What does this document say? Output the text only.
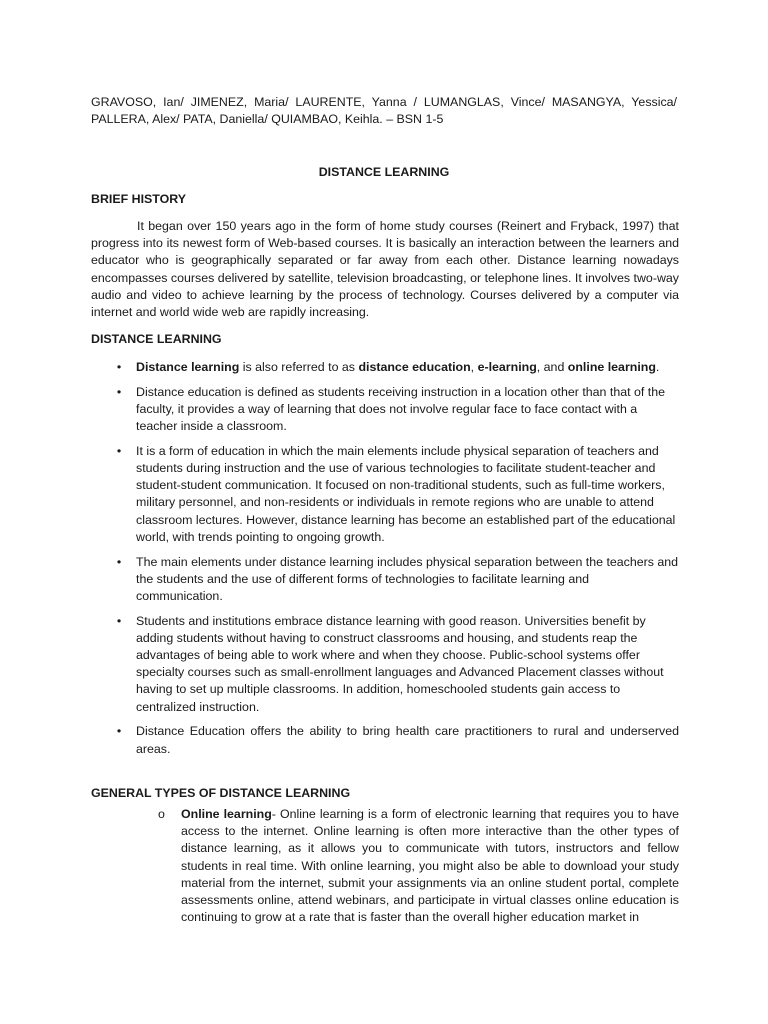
GRAVOSO, Ian/ JIMENEZ, Maria/ LAURENTE, Yanna / LUMANGLAS, Vince/ MASANGYA, Yessica/ PALLERA, Alex/ PATA, Daniella/ QUIAMBAO, Keihla. – BSN 1-5
DISTANCE LEARNING
BRIEF HISTORY

It began over 150 years ago in the form of home study courses (Reinert and Fryback, 1997) that progress into its newest form of Web-based courses. It is basically an interaction between the learners and educator who is geographically separated or far away from each other. Distance learning nowadays encompasses courses delivered by satellite, television broadcasting, or telephone lines. It involves two-way audio and video to achieve learning by the process of technology. Courses delivered by a computer via internet and world wide web are rapidly increasing.

DISTANCE LEARNING
• Distance learning is also referred to as distance education, e-learning, and online learning.
• Distance education is defined as students receiving instruction in a location other than that of the faculty, it provides a way of learning that does not involve regular face to face contact with a teacher inside a classroom.
• It is a form of education in which the main elements include physical separation of teachers and students during instruction and the use of various technologies to facilitate student-teacher and student-student communication. It focused on non-traditional students, such as full-time workers, military personnel, and non-residents or individuals in remote regions who are unable to attend classroom lectures. However, distance learning has become an established part of the educational world, with trends pointing to ongoing growth.
• The main elements under distance learning includes physical separation between the teachers and the students and the use of different forms of technologies to facilitate learning and communication.
• Students and institutions embrace distance learning with good reason. Universities benefit by adding students without having to construct classrooms and housing, and students reap the advantages of being able to work where and when they choose. Public-school systems offer specialty courses such as small-enrollment languages and Advanced Placement classes without having to set up multiple classrooms. In addition, homeschooled students gain access to centralized instruction.
• Distance Education offers the ability to bring health care practitioners to rural and underserved areas.
GENERAL TYPES OF DISTANCE LEARNING
o Online learning- Online learning is a form of electronic learning that requires you to have access to the internet. Online learning is often more interactive than the other types of distance learning, as it allows you to communicate with tutors, instructors and fellow students in real time. With online learning, you might also be able to download your study material from the internet, submit your assignments via an online student portal, complete assessments online, attend webinars, and participate in virtual classes online education is continuing to grow at a rate that is faster than the overall higher education market in
